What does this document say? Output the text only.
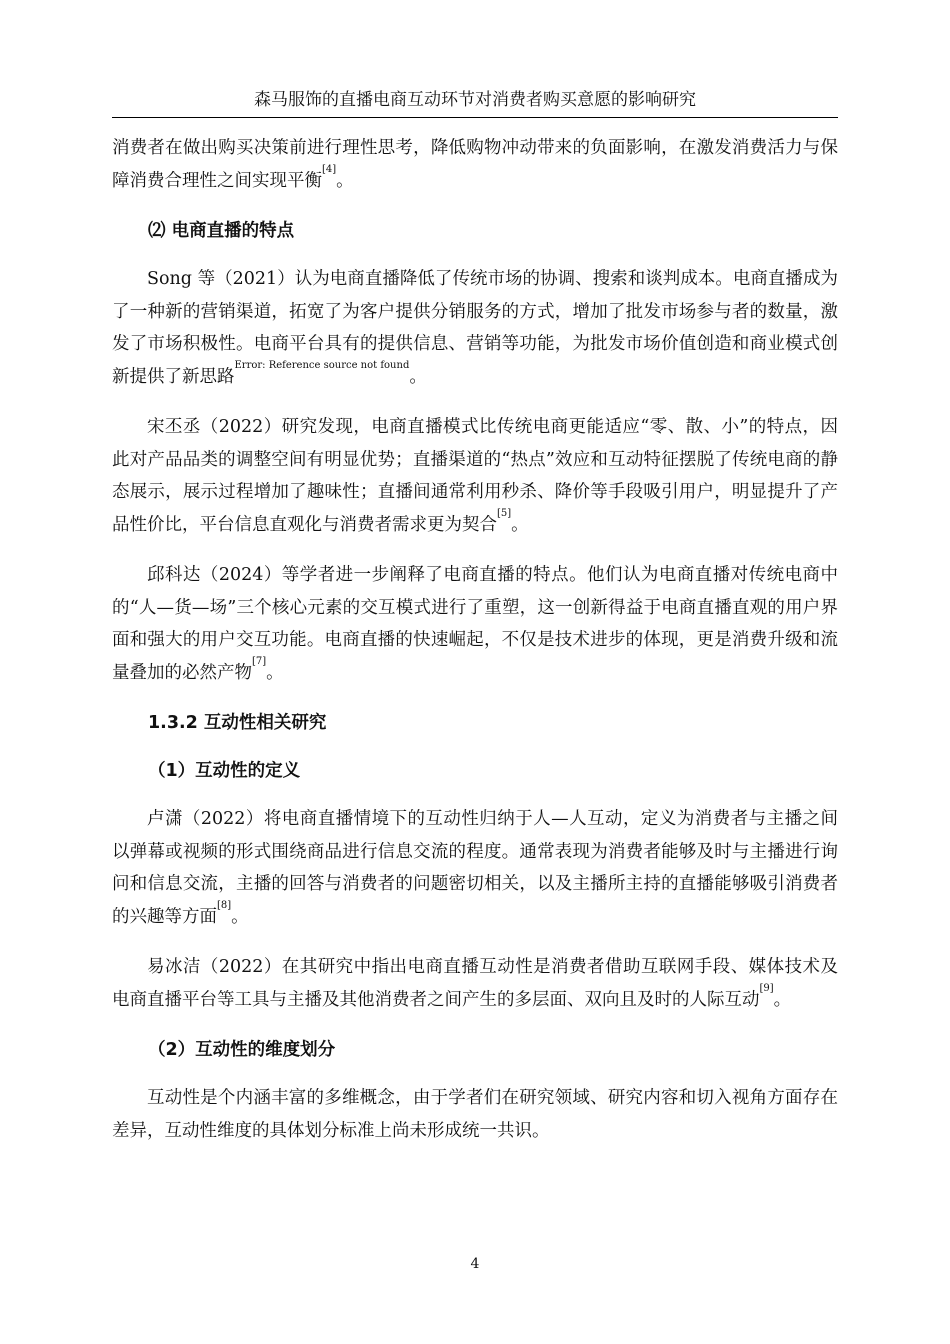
森马服饰的直播电商互动环节对消费者购买意愿的影响研究

消费者在做出购买决策前进行理性思考，降低购物冲动带来的负面影响，在激发消费活力与保障消费合理性之间实现平衡[4]。

⑵ 电商直播的特点

Song 等（2021）认为电商直播降低了传统市场的协调、搜索和谈判成本。电商直播成为了一种新的营销渠道，拓宽了为客户提供分销服务的方式，增加了批发市场参与者的数量，激发了市场积极性。电商平台具有的提供信息、营销等功能，为批发市场价值创造和商业模式创新提供了新思路$^{Error: Reference source not found}$。

宋丕丞（2022）研究发现，电商直播模式比传统电商更能适应“零、散、小”的特点，因此对产品品类的调整空间有明显优势；直播渠道的“热点”效应和互动特征摆脱了传统电商的静态展示，展示过程增加了趣味性；直播间通常利用秒杀、降价等手段吸引用户，明显提升了产品性价比，平台信息直观化与消费者需求更为契合[5]。

邱科达（2024）等学者进一步阐释了电商直播的特点。他们认为电商直播对传统电商中的“人—货—场”三个核心元素的交互模式进行了重塑，这一创新得益于电商直播直观的用户界面和强大的用户交互功能。电商直播的快速崛起，不仅是技术进步的体现，更是消费升级和流量叠加的必然产物[7]。

1.3.2 互动性相关研究
（1）互动性的定义

卢潇（2022）将电商直播情境下的互动性归纳于人—人互动，定义为消费者与主播之间以弹幕或视频的形式围绕商品进行信息交流的程度。通常表现为消费者能够及时与主播进行询问和信息交流，主播的回答与消费者的问题密切相关，以及主播所主持的直播能够吸引消费者的兴趣等方面[8]。

易冰洁（2022）在其研究中指出电商直播互动性是消费者借助互联网手段、媒体技术及电商直播平台等工具与主播及其他消费者之间产生的多层面、双向且及时的人际互动[9]。

（2）互动性的维度划分

互动性是个内涵丰富的多维概念，由于学者们在研究领域、研究内容和切入视角方面存在差异，互动性维度的具体划分标准上尚未形成统一共识。

4
